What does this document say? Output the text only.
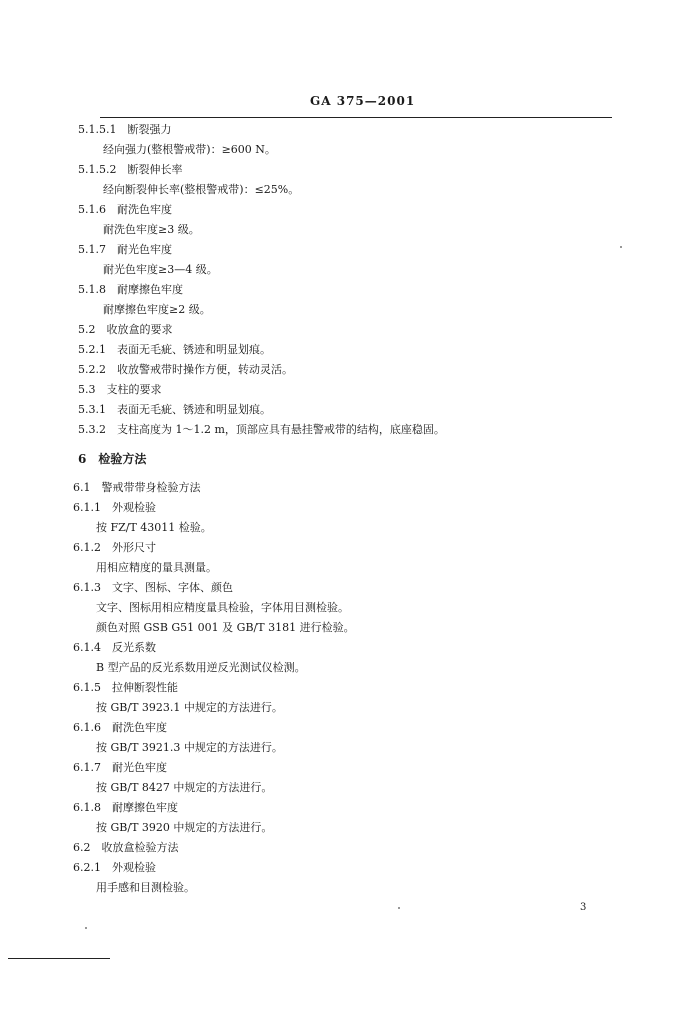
GA 375—2001
5.1.5.1　断裂强力
经向强力(整根警戒带)：≥600 N。
5.1.5.2　断裂伸长率
经向断裂伸长率(整根警戒带)：≤25%。
5.1.6　耐洗色牢度
耐洗色牢度≥3 级。
5.1.7　耐光色牢度
耐光色牢度≥3—4 级。
5.1.8　耐摩擦色牢度
耐摩擦色牢度≥2 级。
5.2　收放盒的要求
5.2.1　表面无毛疵、锈迹和明显划痕。
5.2.2　收放警戒带时操作方便，转动灵活。
5.3　支柱的要求
5.3.1　表面无毛疵、锈迹和明显划痕。
5.3.2　支柱高度为 1～1.2 m，顶部应具有悬挂警戒带的结构，底座稳固。
6　检验方法
6.1　警戒带带身检验方法
6.1.1　外观检验
按 FZ/T 43011 检验。
6.1.2　外形尺寸
用相应精度的量具测量。
6.1.3　文字、图标、字体、颜色
文字、图标用相应精度量具检验，字体用目测检验。
颜色对照 GSB G51 001 及 GB/T 3181 进行检验。
6.1.4　反光系数
B 型产品的反光系数用逆反光测试仪检测。
6.1.5　拉伸断裂性能
按 GB/T 3923.1 中规定的方法进行。
6.1.6　耐洗色牢度
按 GB/T 3921.3 中规定的方法进行。
6.1.7　耐光色牢度
按 GB/T 8427 中规定的方法进行。
6.1.8　耐摩擦色牢度
按 GB/T 3920 中规定的方法进行。
6.2　收放盒检验方法
6.2.1　外观检验
用手感和目测检验。
3
